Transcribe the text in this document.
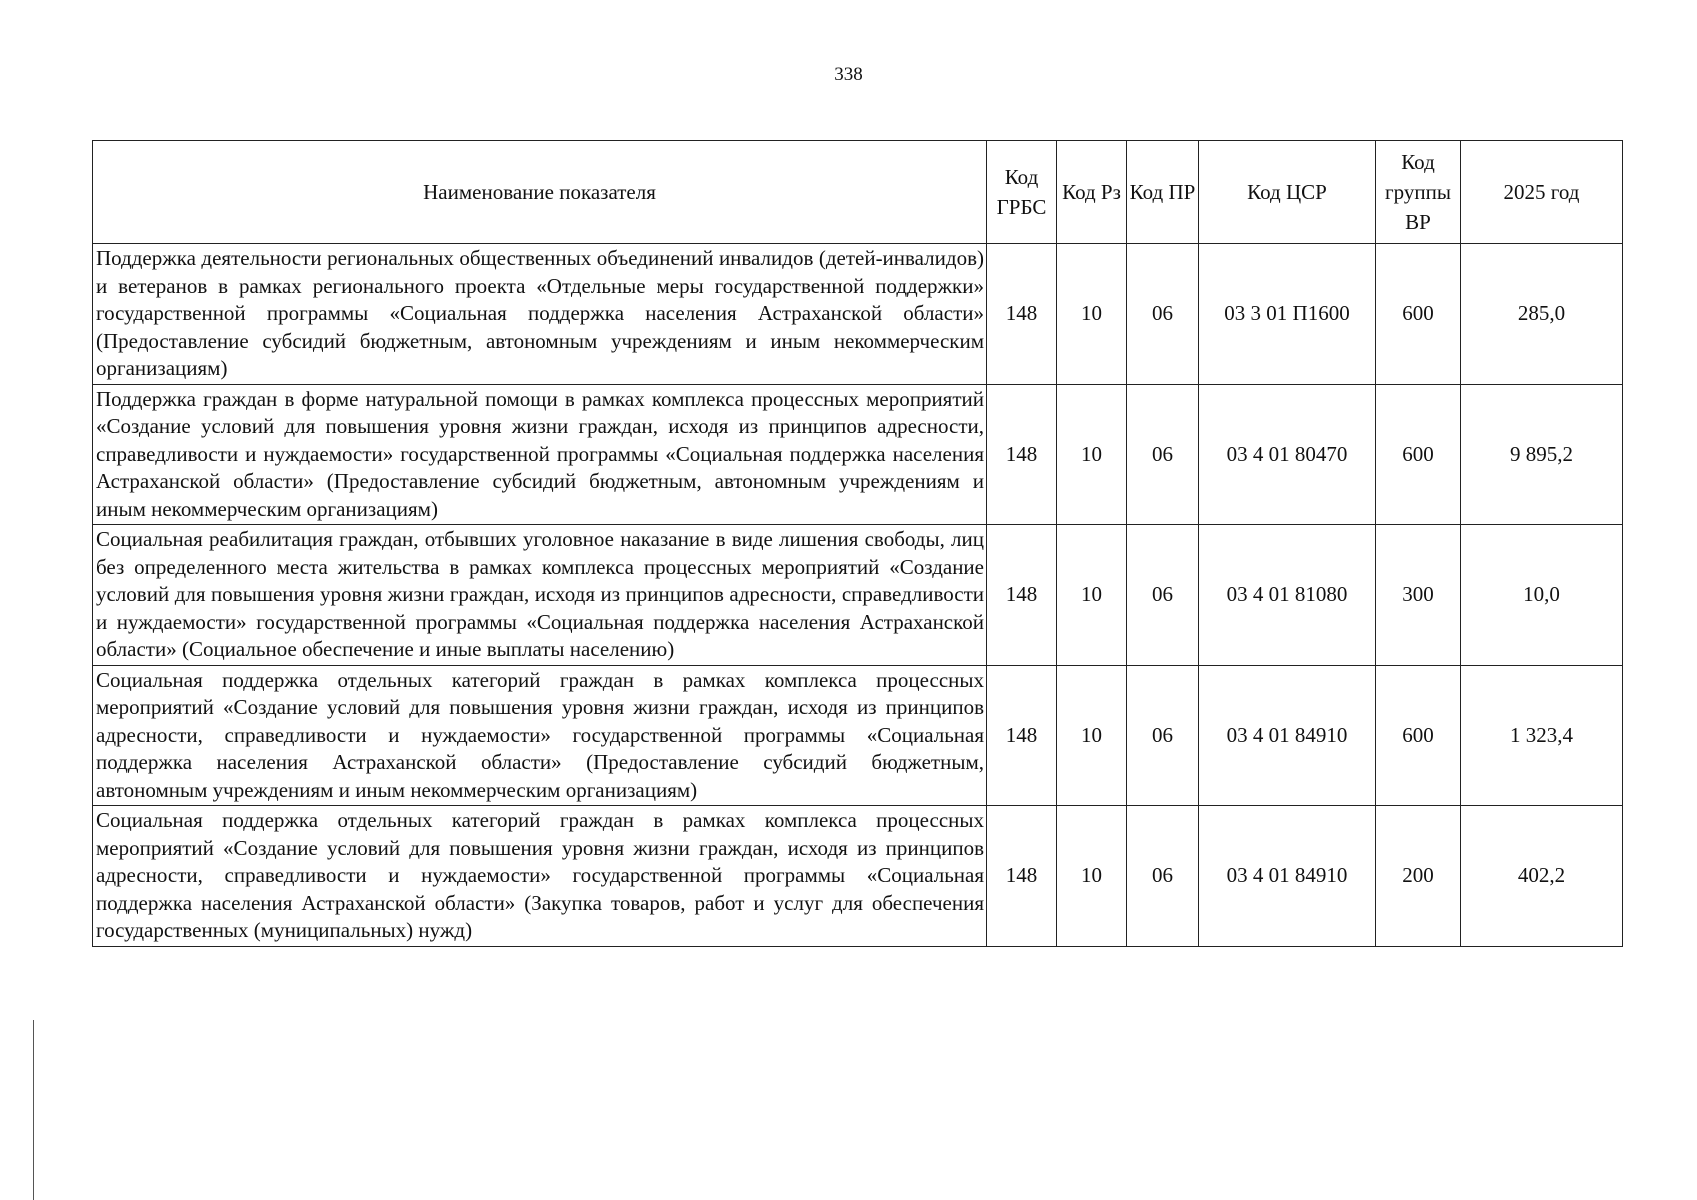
338
Наименование показателя	Код ГРБС	Код Рз	Код ПР	Код ЦСР	Код группы ВР	2025 год
Поддержка деятельности региональных общественных объединений инвалидов (детей-инвалидов) и ветеранов в рамках регионального проекта «Отдельные меры государственной поддержки» государственной программы «Социальная поддержка населения Астраханской области» (Предоставление субсидий бюджетным, автономным учреждениям и иным некоммерческим организациям)	148	10	06	03 3 01 П1600	600	285,0
Поддержка граждан в форме натуральной помощи в рамках комплекса процессных мероприятий «Создание условий для повышения уровня жизни граждан, исходя из принципов адресности, справедливости и нуждаемости» государственной программы «Социальная поддержка населения Астраханской области» (Предоставление субсидий бюджетным, автономным учреждениям и иным некоммерческим организациям)	148	10	06	03 4 01 80470	600	9 895,2
Социальная реабилитация граждан, отбывших уголовное наказание в виде лишения свободы, лиц без определенного места жительства в рамках комплекса процессных мероприятий «Создание условий для повышения уровня жизни граждан, исходя из принципов адресности, справедливости и нуждаемости» государственной программы «Социальная поддержка населения Астраханской области» (Социальное обеспечение и иные выплаты населению)	148	10	06	03 4 01 81080	300	10,0
Социальная поддержка отдельных категорий граждан в рамках комплекса процессных мероприятий «Создание условий для повышения уровня жизни граждан, исходя из принципов адресности, справедливости и нуждаемости» государственной программы «Социальная поддержка населения Астраханской области» (Предоставление субсидий бюджетным, автономным учреждениям и иным некоммерческим организациям)	148	10	06	03 4 01 84910	600	1 323,4
Социальная поддержка отдельных категорий граждан в рамках комплекса процессных мероприятий «Создание условий для повышения уровня жизни граждан, исходя из принципов адресности, справедливости и нуждаемости» государственной программы «Социальная поддержка населения Астраханской области» (Закупка товаров, работ и услуг для обеспечения государственных (муниципальных) нужд)	148	10	06	03 4 01 84910	200	402,2
